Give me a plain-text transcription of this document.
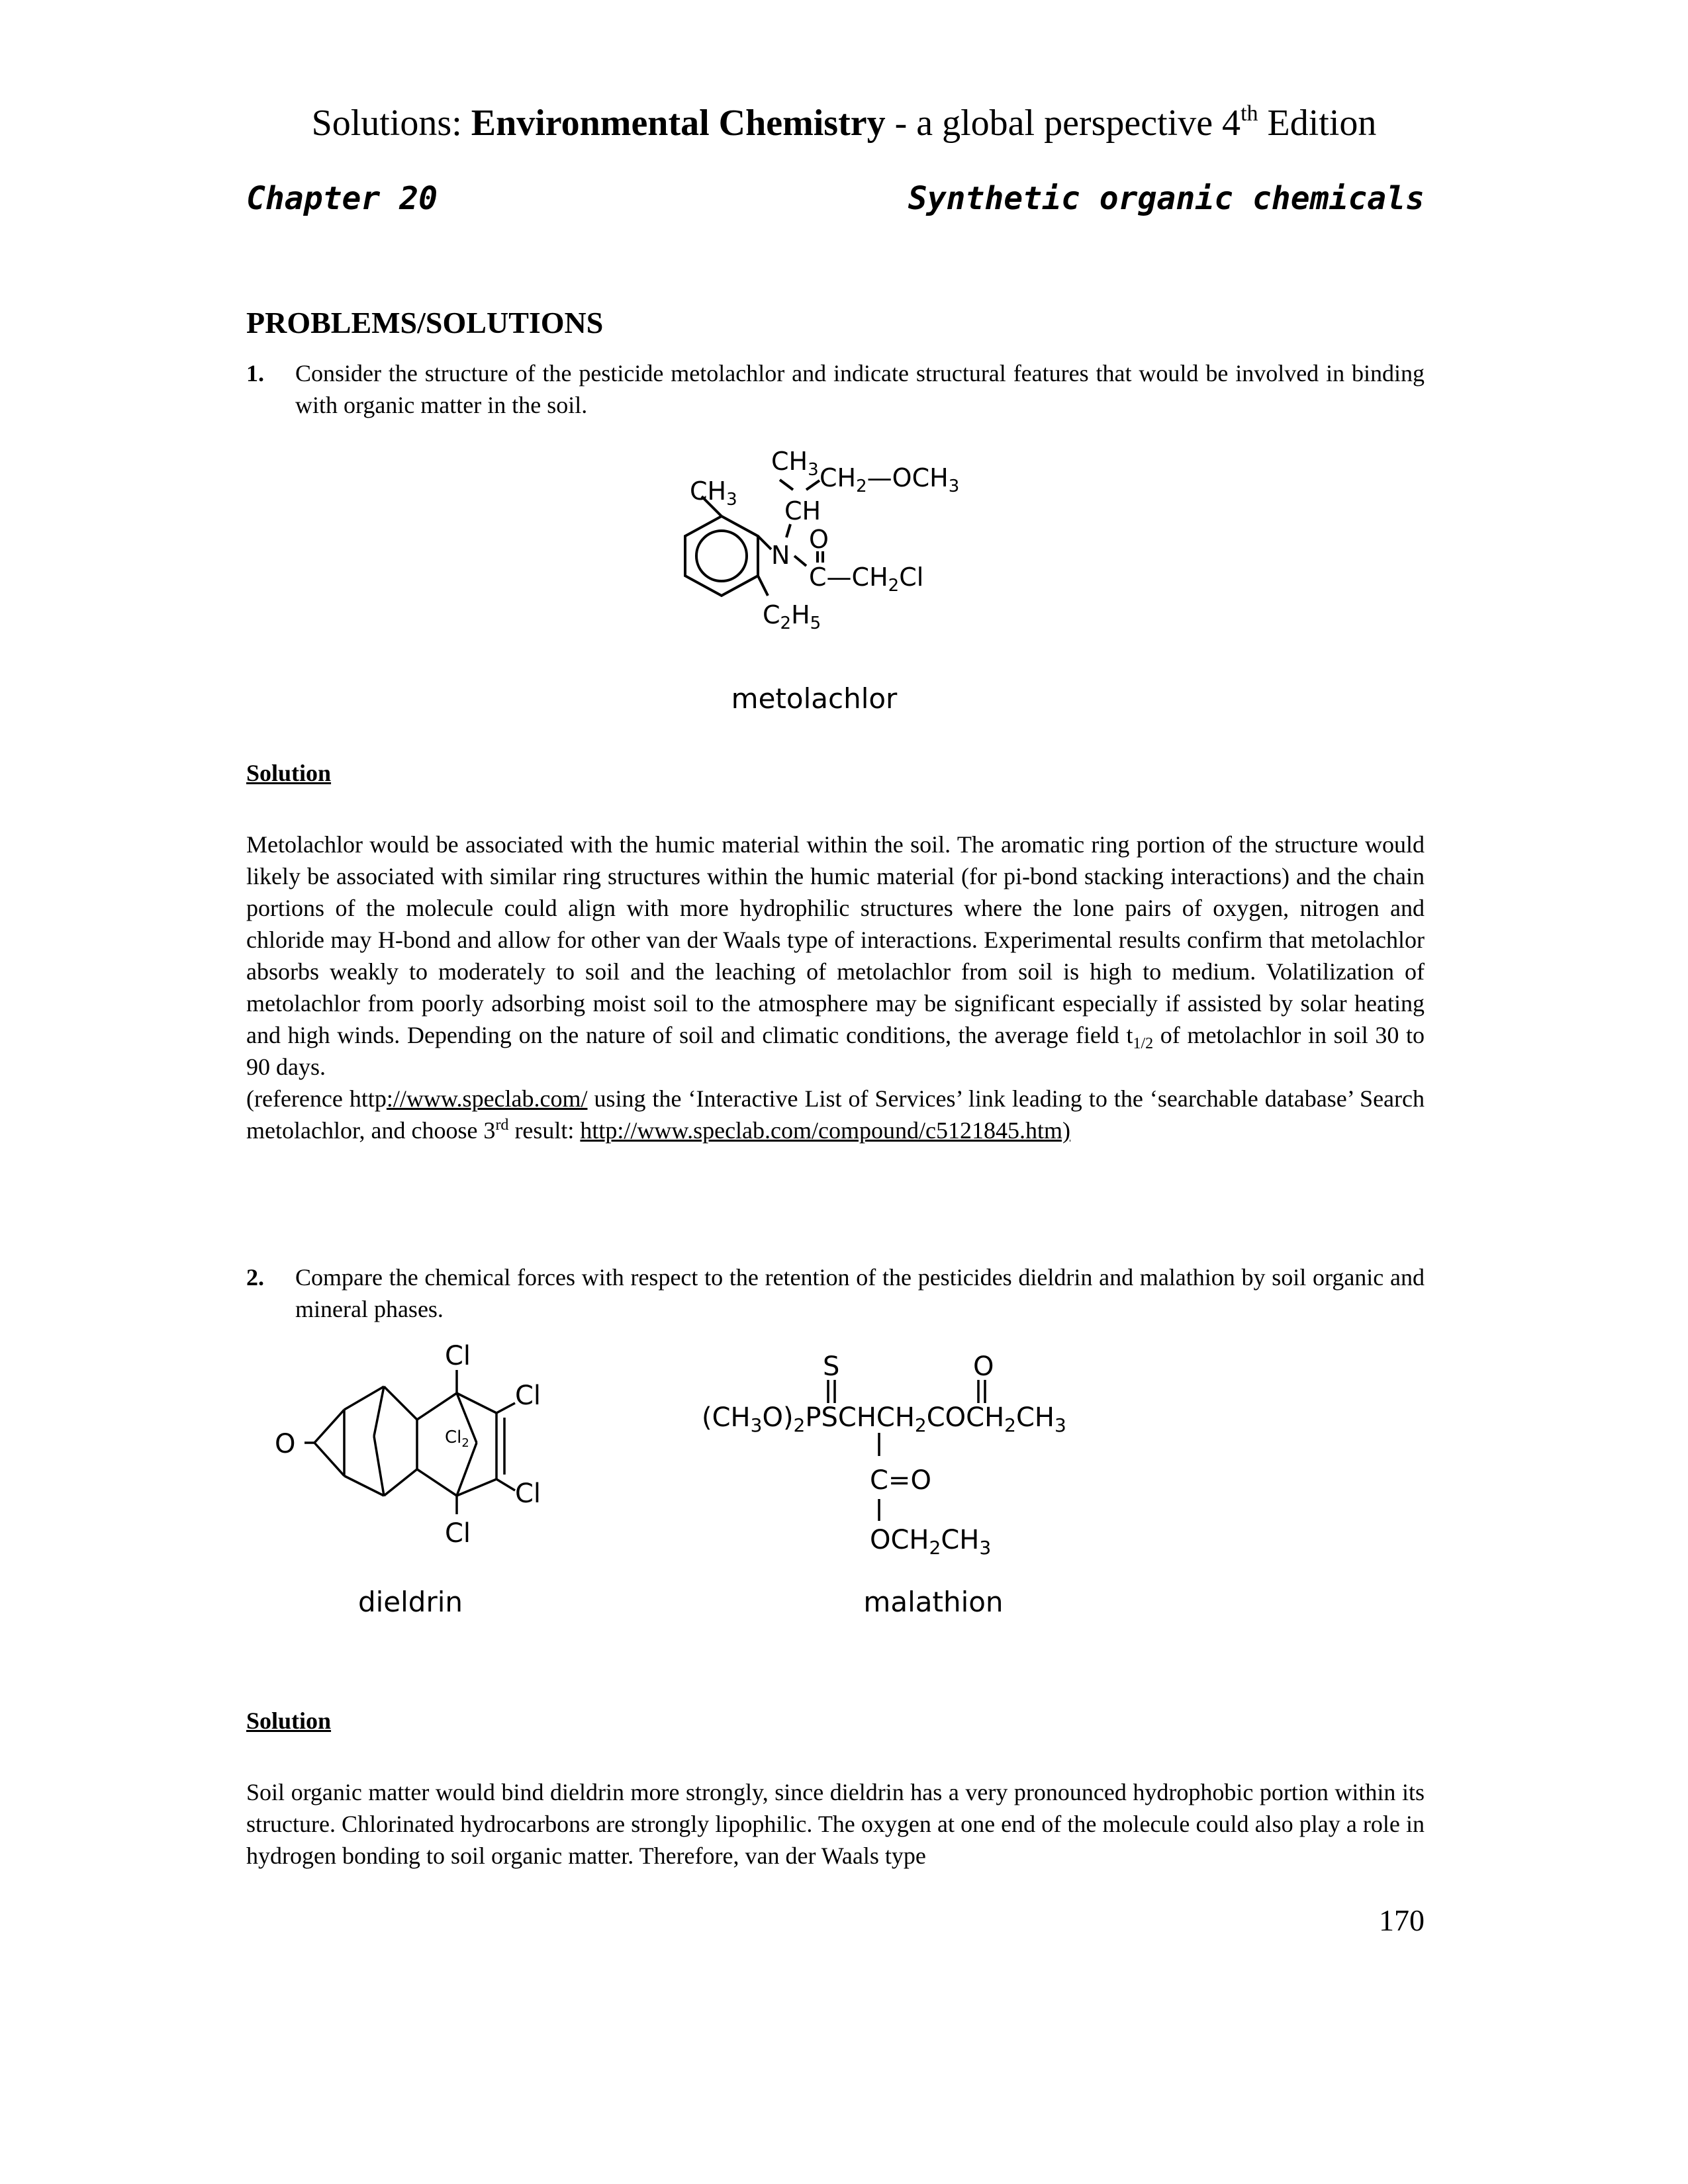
Solutions: Environmental Chemistry - a global perspective 4th Edition
Chapter 20	Synthetic organic chemicals
PROBLEMS/SOLUTIONS
1. Consider the structure of the pesticide metolachlor and indicate structural features that would be involved in binding with organic matter in the soil.
$CH_3$
$CH_3$
CH
$CH_2—OCH_3$
N
O
$C—CH_2Cl$
$C_2H_5$
metolachlor
Solution
Metolachlor would be associated with the humic material within the soil. The aromatic ring portion of the structure would likely be associated with similar ring structures within the humic material (for pi-bond stacking interactions) and the chain portions of the molecule could align with more hydrophilic structures where the lone pairs of oxygen, nitrogen and chloride may H-bond and allow for other van der Waals type of interactions. Experimental results confirm that metolachlor absorbs weakly to moderately to soil and the leaching of metolachlor from soil is high to medium. Volatilization of metolachlor from poorly adsorbing moist soil to the atmosphere may be significant especially if assisted by solar heating and high winds. Depending on the nature of soil and climatic conditions, the average field $t_{1/2}$ of metolachlor in soil 30 to 90 days.
(reference http://www.speclab.com/ using the ‘Interactive List of Services’ link leading to the ‘searchable database’ Search metolachlor, and choose 3rd result: http://www.speclab.com/compound/c5121845.htm)
2. Compare the chemical forces with respect to the retention of the pesticides dieldrin and malathion by soil organic and mineral phases.
Cl
Cl
Cl
Cl
O	$Cl_2$
dieldrin
S	O
$(CH_3O)_2PSCHCH_2COCH_2CH_3$
C=O
$OCH_2CH_3$
malathion
Solution
Soil organic matter would bind dieldrin more strongly, since dieldrin has a very pronounced hydrophobic portion within its structure. Chlorinated hydrocarbons are strongly lipophilic. The oxygen at one end of the molecule could also play a role in hydrogen bonding to soil organic matter. Therefore, van der Waals type
170
